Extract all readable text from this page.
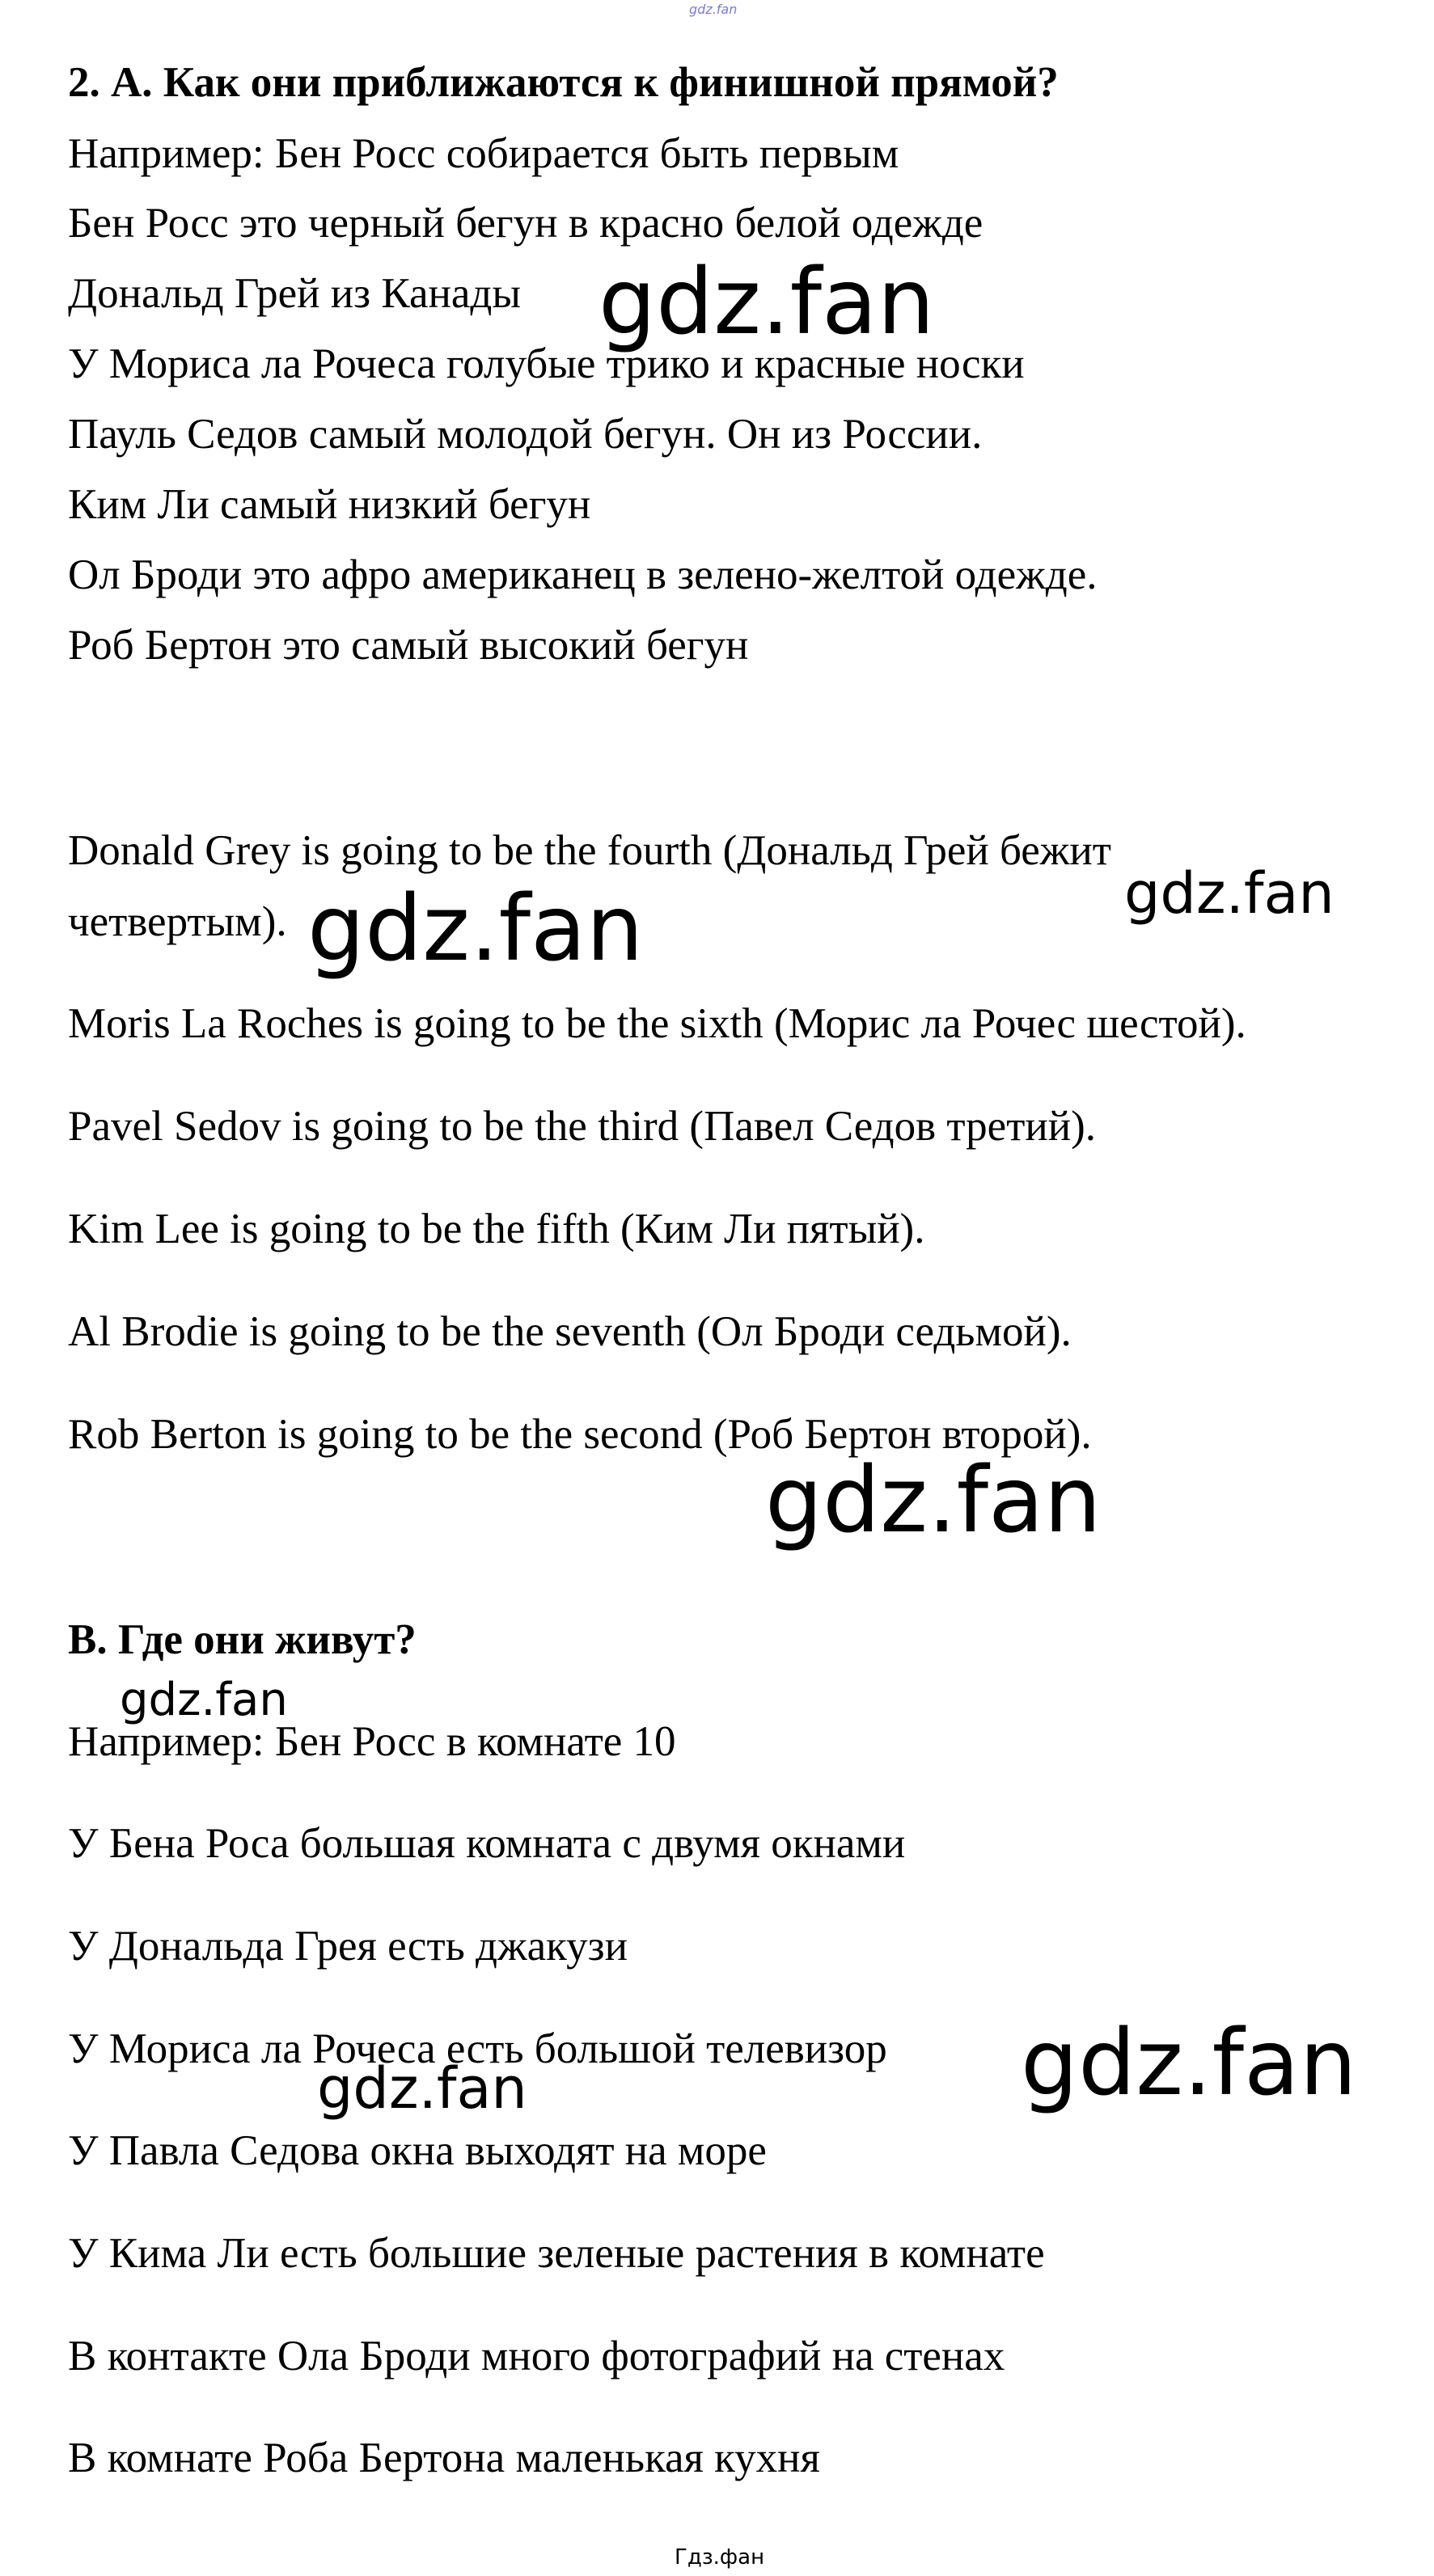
gdz.fan
2. А. Как они приближаются к финишной прямой?
Например: Бен Росс собирается быть первым
Бен Росс это черный бегун в красно белой одежде
Дональд Грей из Канады
У Мориса ла Рочеса голубые трико и красные носки
Пауль Седов самый молодой бегун. Он из России.
Ким Ли самый низкий бегун
Ол Броди это афро американец в зелено-желтой одежде.
Роб Бертон это самый высокий бегун
Donald Grey is going to be the fourth (Дональд Грей бежит
четвертым).
Moris La Roches is going to be the sixth (Морис ла Рочес шестой).
Pavel Sedov is going to be the third (Павел Седов третий).
Kim Lee is going to be the fifth (Ким Ли пятый).
Al Brodie is going to be the seventh (Ол Броди седьмой).
Rob Berton is going to be the second (Роб Бертон второй).
B. Где они живут?
Например: Бен Росс в комнате 10
У Бена Роса большая комната с двумя окнами
У Дональда Грея есть джакузи
У Мориса ла Рочеса есть большой телевизор
У Павла Седова окна выходят на море
У Кима Ли есть большие зеленые растения в комнате
В контакте Ола Броди много фотографий на стенах
В комнате Роба Бертона маленькая кухня
gdz.fan
gdz.fan	gdz.fan
gdz.fan
gdz.fan
gdz.fan
gdz.fan
Гдз.фан
